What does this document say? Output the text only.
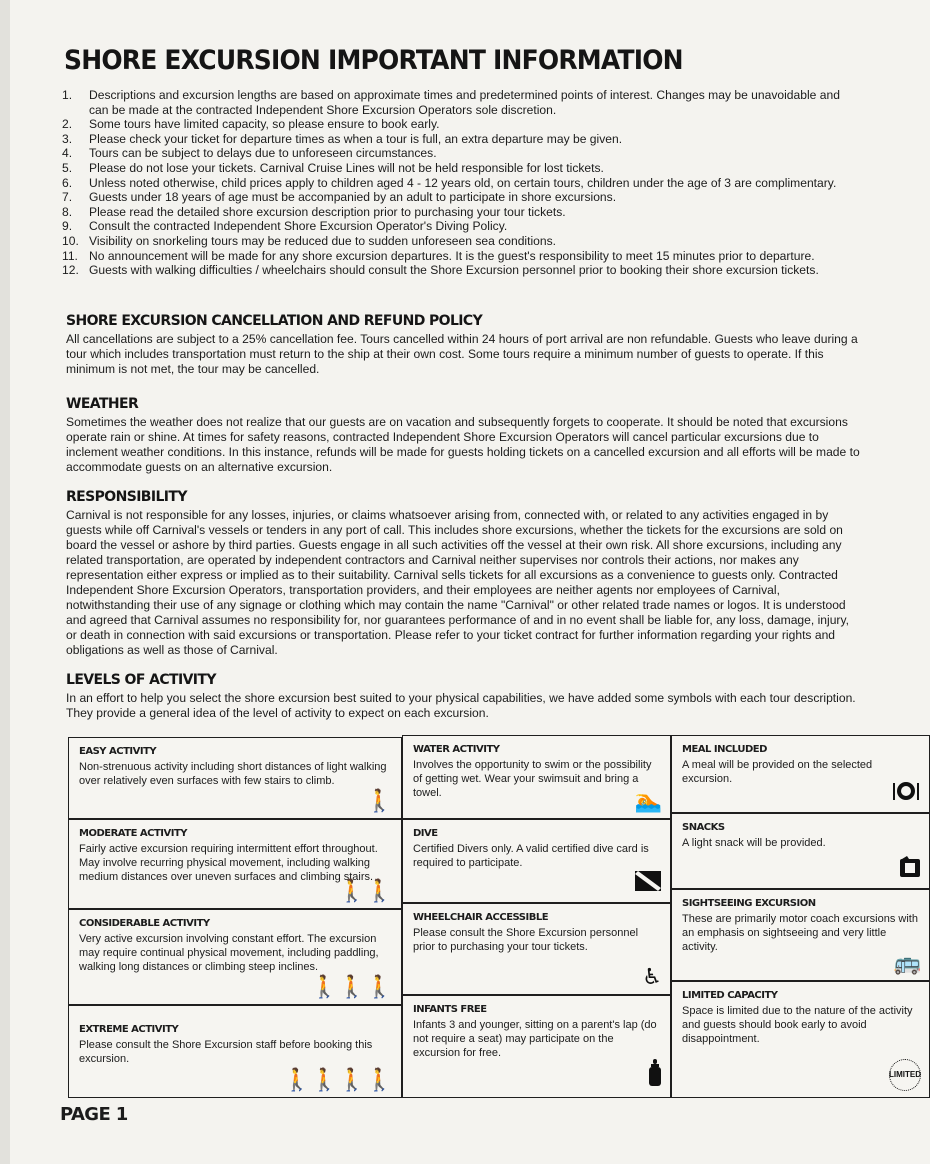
SHORE EXCURSION IMPORTANT INFORMATION
1. Descriptions and excursion lengths are based on approximate times and predetermined points of interest. Changes may be unavoidable and can be made at the contracted Independent Shore Excursion Operators sole discretion.
2. Some tours have limited capacity, so please ensure to book early.
3. Please check your ticket for departure times as when a tour is full, an extra departure may be given.
4. Tours can be subject to delays due to unforeseen circumstances.
5. Please do not lose your tickets. Carnival Cruise Lines will not be held responsible for lost tickets.
6. Unless noted otherwise, child prices apply to children aged 4 - 12 years old, on certain tours, children under the age of 3 are complimentary.
7. Guests under 18 years of age must be accompanied by an adult to participate in shore excursions.
8. Please read the detailed shore excursion description prior to purchasing your tour tickets.
9. Consult the contracted Independent Shore Excursion Operator's Diving Policy.
10. Visibility on snorkeling tours may be reduced due to sudden unforeseen sea conditions.
11. No announcement will be made for any shore excursion departures. It is the guest's responsibility to meet 15 minutes prior to departure.
12. Guests with walking difficulties / wheelchairs should consult the Shore Excursion personnel prior to booking their shore excursion tickets.
SHORE EXCURSION CANCELLATION AND REFUND POLICY

All cancellations are subject to a 25% cancellation fee. Tours cancelled within 24 hours of port arrival are non refundable. Guests who leave during a tour which includes transportation must return to the ship at their own cost. Some tours require a minimum number of guests to operate. If this minimum is not met, the tour may be cancelled.

WEATHER

Sometimes the weather does not realize that our guests are on vacation and subsequently forgets to cooperate. It should be noted that excursions operate rain or shine. At times for safety reasons, contracted Independent Shore Excursion Operators will cancel particular excursions due to inclement weather conditions. In this instance, refunds will be made for guests holding tickets on a cancelled excursion and all efforts will be made to accommodate guests on an alternative excursion.

RESPONSIBILITY

Carnival is not responsible for any losses, injuries, or claims whatsoever arising from, connected with, or related to any activities engaged in by guests while off Carnival's vessels or tenders in any port of call. This includes shore excursions, whether the tickets for the excursions are sold on board the vessel or ashore by third parties. Guests engage in all such activities off the vessel at their own risk. All shore excursions, including any related transportation, are operated by independent contractors and Carnival neither supervises nor controls their actions, nor makes any representation either express or implied as to their suitability. Carnival sells tickets for all excursions as a convenience to guests only. Contracted Independent Shore Excursion Operators, transportation providers, and their employees are neither agents nor employees of Carnival, notwithstanding their use of any signage or clothing which may contain the name "Carnival" or other related trade names or logos. It is understood and agreed that Carnival assumes no responsibility for, nor guarantees performance of and in no event shall be liable for, any loss, damage, injury, or death in connection with said excursions or transportation. Please refer to your ticket contract for further information regarding your rights and obligations as well as those of Carnival.

LEVELS OF ACTIVITY

In an effort to help you select the shore excursion best suited to your physical capabilities, we have added some symbols with each tour description. They provide a general idea of the level of activity to expect on each excursion.

EASY ACTIVITY

Non-strenuous activity including short distances of light walking over relatively even surfaces with few stairs to climb.

🚶
MODERATE ACTIVITY

Fairly active excursion requiring intermittent effort throughout. May involve recurring physical movement, including walking medium distances over uneven surfaces and climbing stairs.

🚶🚶
CONSIDERABLE ACTIVITY

Very active excursion involving constant effort. The excursion may require continual physical movement, including paddling, walking long distances or climbing steep inclines.

🚶🚶🚶
EXTREME ACTIVITY

Please consult the Shore Excursion staff before booking this excursion.

🚶🚶🚶🚶
WATER ACTIVITY

Involves the opportunity to swim or the possibility of getting wet. Wear your swimsuit and bring a towel.	🏊
DIVE

Certified Divers only. A valid certified dive card is required to participate.

WHEELCHAIR ACCESSIBLE

Please consult the Shore Excursion personnel prior to purchasing your tour tickets.

♿
INFANTS FREE

Infants 3 and younger, sitting on a parent's lap (do not require a seat) may participate on the excursion for free.

MEAL INCLUDED

A meal will be provided on the selected excursion.

SNACKS

A light snack will be provided.

SIGHTSEEING EXCURSION

These are primarily motor coach excursions with an emphasis on sightseeing and very little activity.

🚌
LIMITED CAPACITY

Space is limited due to the nature of the activity and guests should book early to avoid disappointment.

LIMITED
PAGE 1
